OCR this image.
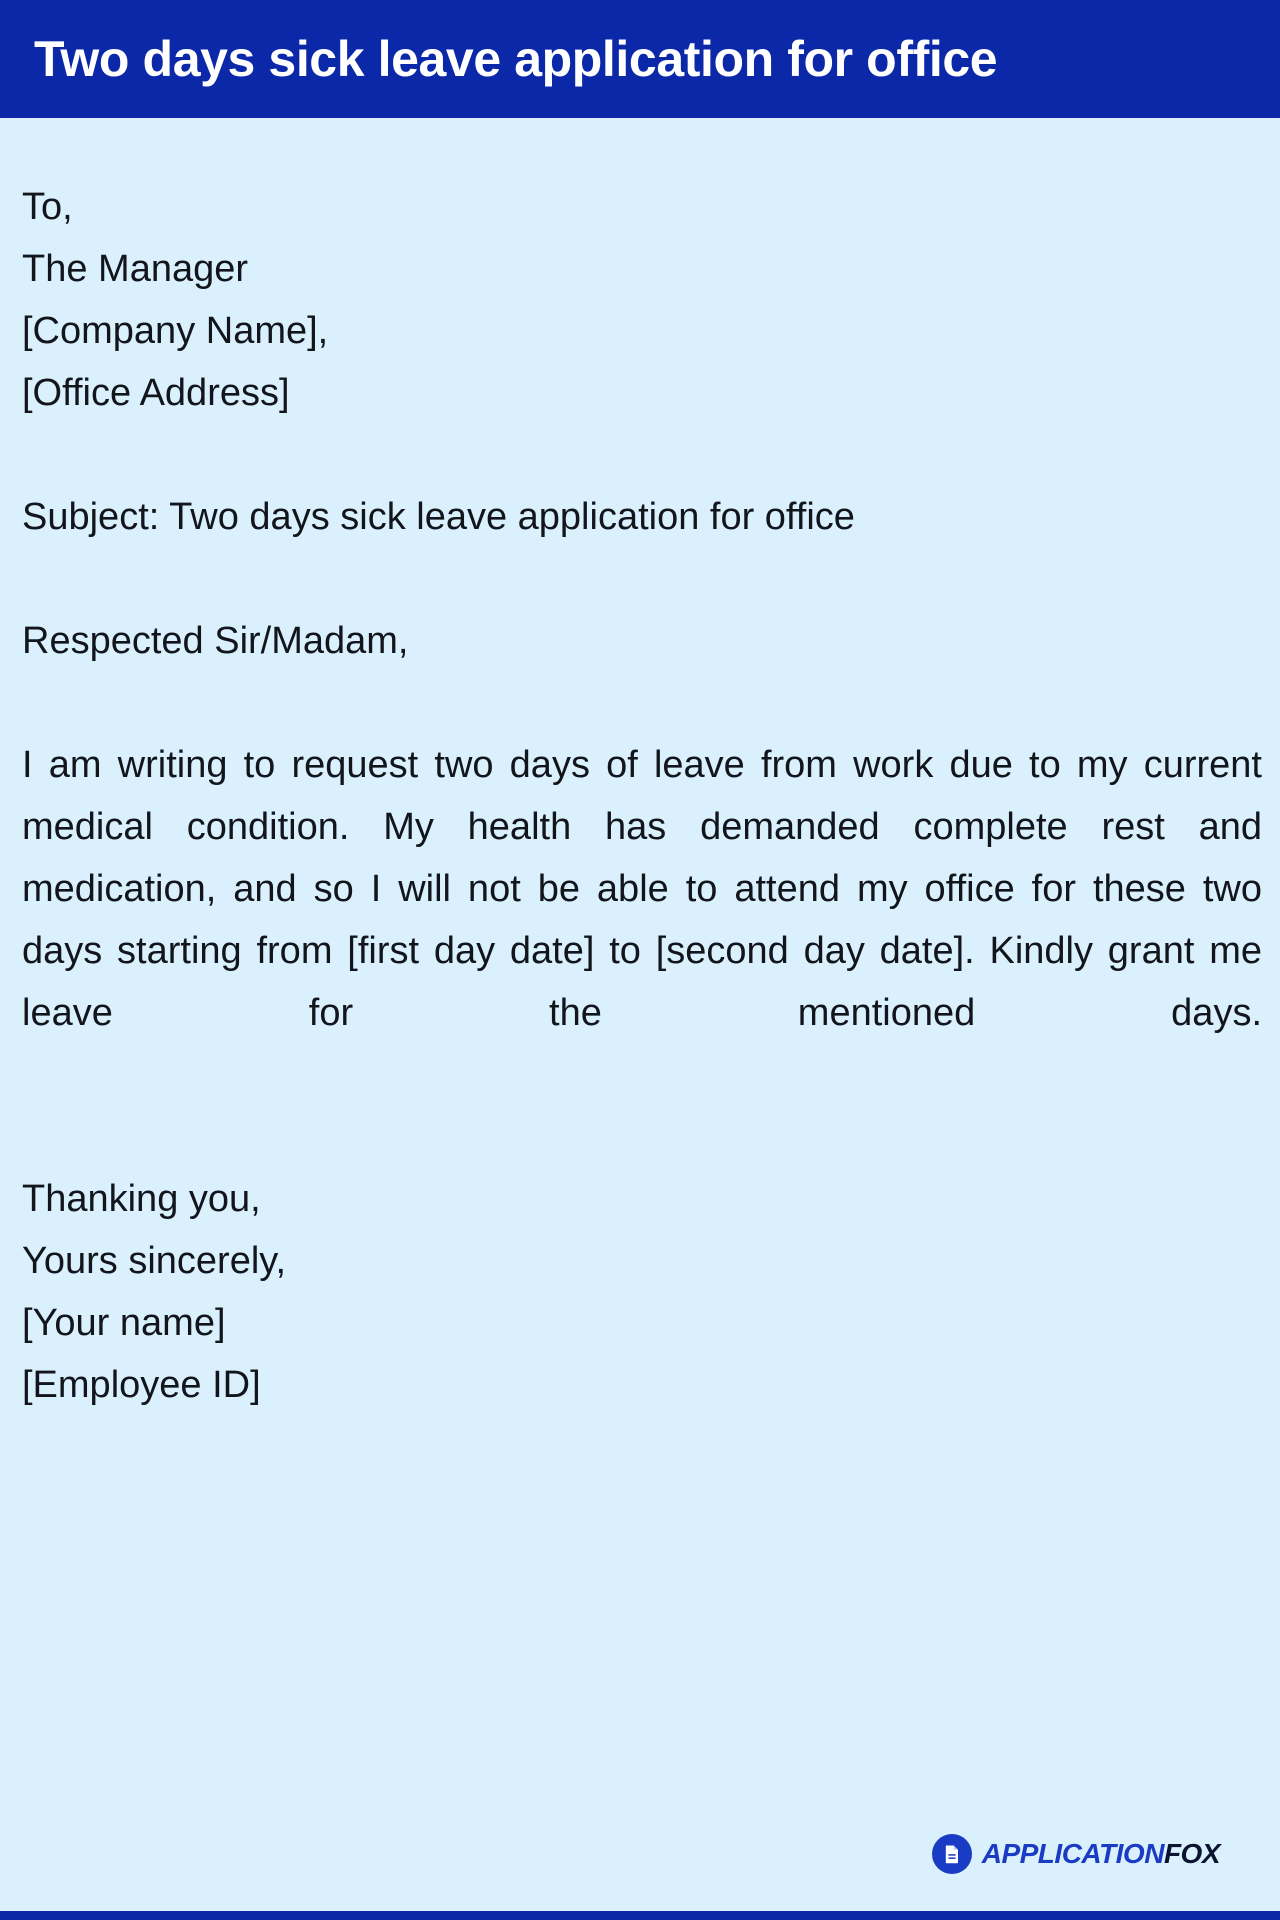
Two days sick leave application for office
To,
The Manager
[Company Name],
[Office Address]
Subject: Two days sick leave application for office
Respected Sir/Madam,

I am writing to request two days of leave from work due to my current medical condition. My health has demanded complete rest and medication, and so I will not be able to attend my office for these two days starting from [first day date] to [second day date]. Kindly grant me leave for the mentioned days.

Thanking you,
Yours sincerely,
[Your name]
[Employee ID]
APPLICATIONFOX
